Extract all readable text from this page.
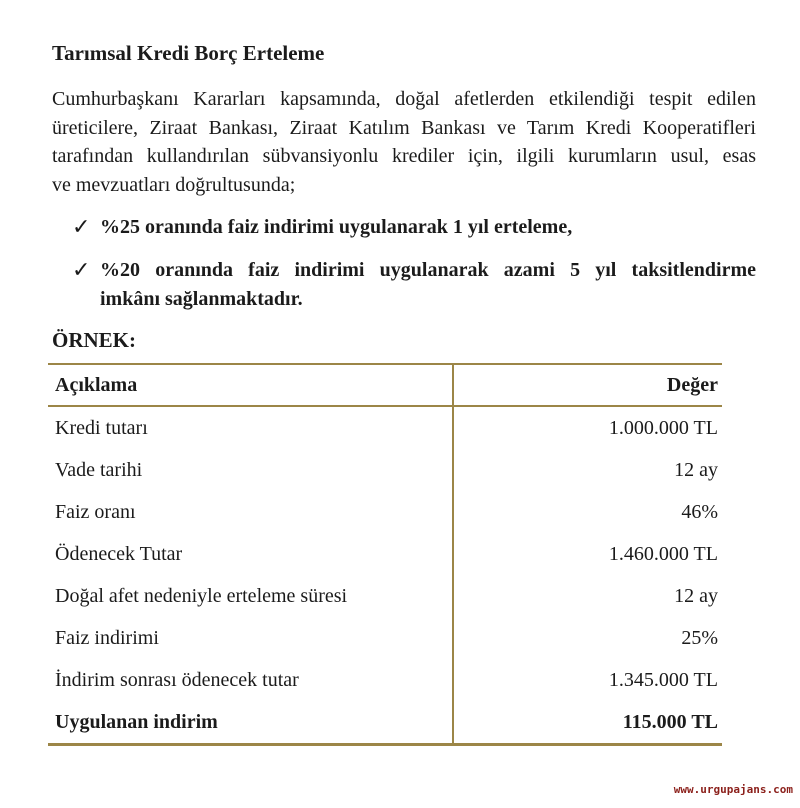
Tarımsal Kredi Borç Erteleme
Cumhurbaşkanı Kararları kapsamında, doğal afetlerden etkilendiği tespit edilen
üreticilere, Ziraat Bankası, Ziraat Katılım Bankası ve Tarım Kredi Kooperatifleri
tarafından kullandırılan sübvansiyonlu krediler için, ilgili kurumların usul, esas
ve mevzuatları doğrultusunda;
✓ %25 oranında faiz indirimi uygulanarak 1 yıl erteleme,
✓ %20 oranında faiz indirimi uygulanarak azami 5 yıl taksitlendirme
imkânı sağlanmaktadır.
ÖRNEK:
Açıklama	Değer
Kredi tutarı	1.000.000 TL
Vade tarihi	12 ay
Faiz oranı	46%
Ödenecek Tutar	1.460.000 TL
Doğal afet nedeniyle erteleme süresi	12 ay
Faiz indirimi	25%
İndirim sonrası ödenecek tutar	1.345.000 TL
Uygulanan indirim	115.000 TL
www.urgupajans.com
